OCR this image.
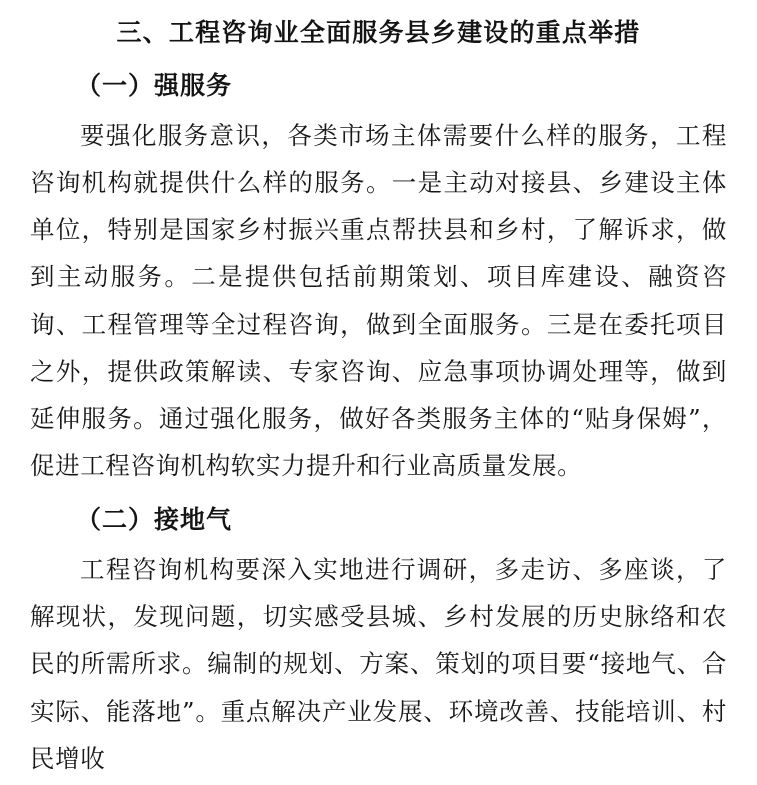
三、工程咨询业全面服务县乡建设的重点举措
（一）强服务

要强化服务意识，各类市场主体需要什么样的服务，工程咨询机构就提供什么样的服务。一是主动对接县、乡建设主体单位，特别是国家乡村振兴重点帮扶县和乡村，了解诉求，做到主动服务。二是提供包括前期策划、项目库建设、融资咨询、工程管理等全过程咨询，做到全面服务。三是在委托项目之外，提供政策解读、专家咨询、应急事项协调处理等，做到延伸服务。通过强化服务，做好各类服务主体的“贴身保姆”，促进工程咨询机构软实力提升和行业高质量发展。

（二）接地气

工程咨询机构要深入实地进行调研，多走访、多座谈，了解现状，发现问题，切实感受县城、乡村发展的历史脉络和农民的所需所求。编制的规划、方案、策划的项目要“接地气、合实际、能落地”。重点解决产业发展、环境改善、技能培训、村民增收
